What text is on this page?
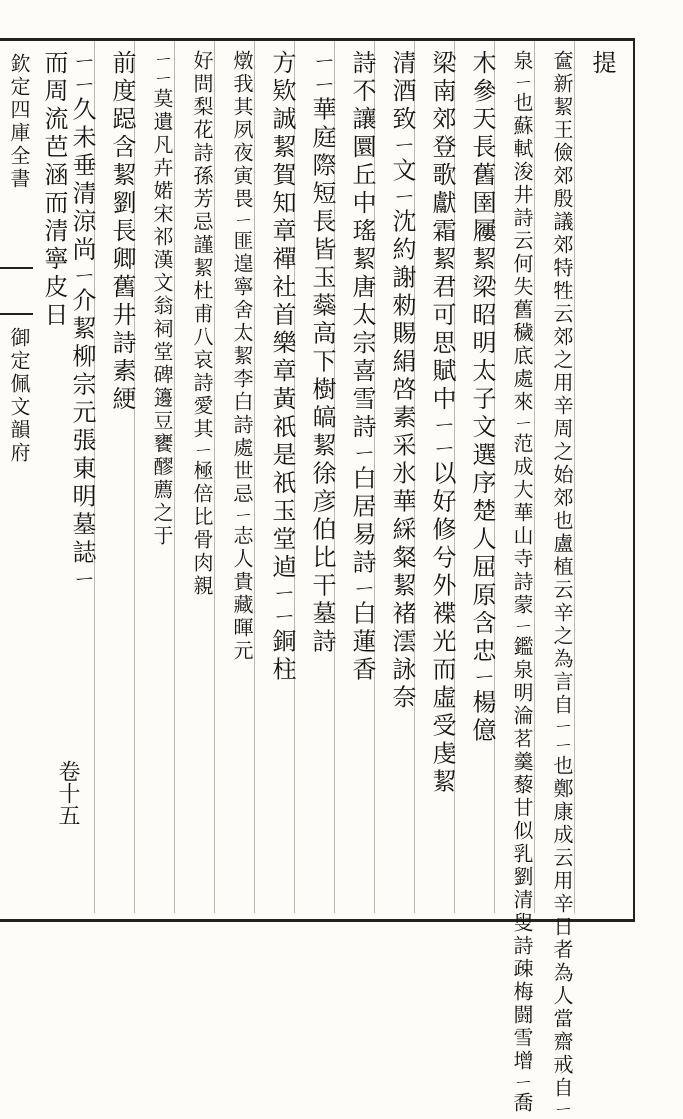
欽定四庫全書
御定佩文韻府
提
奩新絜王儉郊殷議郊特牲云郊之用辛周之始郊也盧植云辛之為言自ㄧㄧ也鄭康成云用辛日者為人當齋戒自ㄧ
泉ㄧ也蘇軾浚井詩云何失舊穢底處來ㄧ范成大華山寺詩蒙ㄧ鑑泉明淪茗羹藜甘似乳劉清叟詩疎梅闘雪增ㄧ喬
木參天長舊圉屨絜梁昭明太子文選序楚人屈原含忠ㄧ楊億
梁南郊登歌獻霜絜君可思賦中ㄧㄧ以好修兮外褋光而虛受虔絜
清酒致ㄧ文ㄧ沈約謝勑賜絹啓素采氷華綵粲絜褚澐詠奈
詩不讓圜丘中瑤絜唐太宗喜雪詩ㄧ白居易詩ㄧ白蓮香
ㄧㄧ華庭際短長皆玉蘂高下樹皜絜徐彦伯比干墓詩
方欵誠絜賀知章禪社首樂章黃祇是祇玉堂逌ㄧㄧ銅柱
燉我其夙夜寅畏ㄧ匪遑寧舍太絜李白詩處世忌ㄧ志人貴藏暉元
好問梨花詩孫芳忌謹絜杜甫八哀詩愛其ㄧ極倍比骨肉親
ㄧㄧ莫遺凡卉婼宋祁漢文翁祠堂碑籩豆饔醪薦之于
前度跽含絜劉長卿舊井詩素綆
ㄧㄧ久未垂清涼尚ㄧ介絜柳宗元張東明墓誌ㄧ
而周流芭涵而清寧皮日
卷十五
